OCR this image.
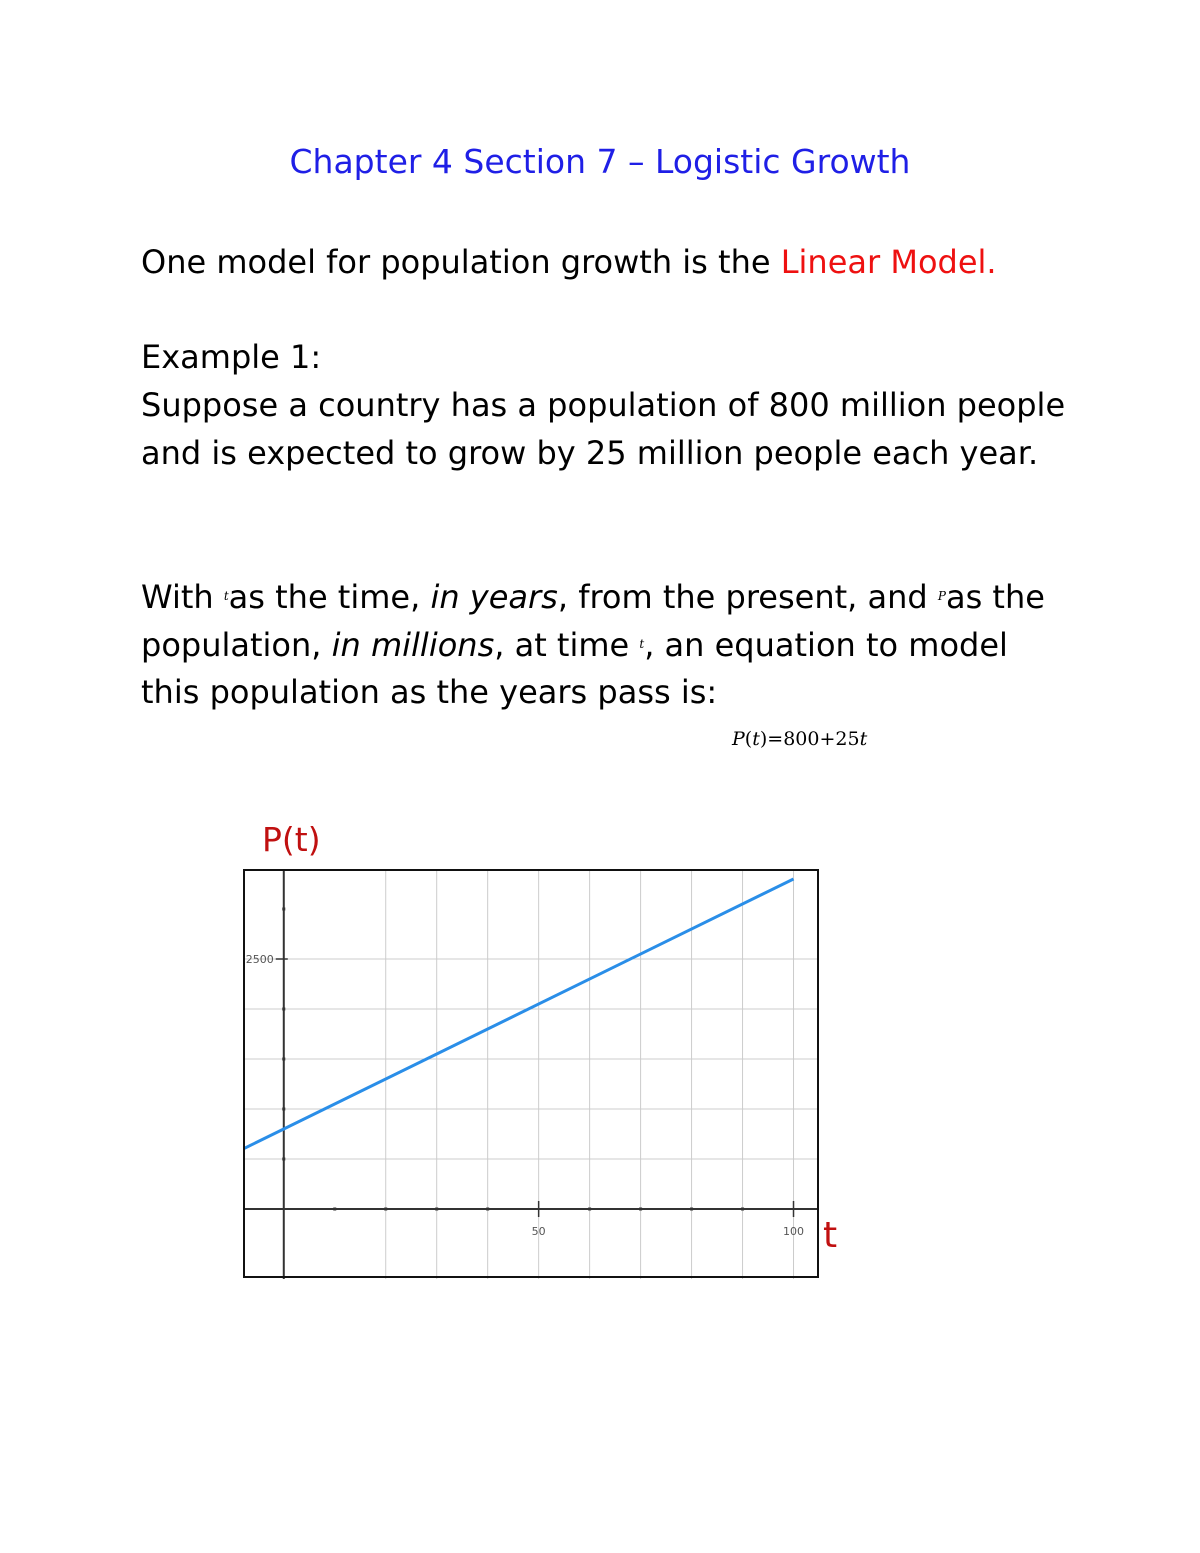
Chapter 4 Section 7 – Logistic Growth
One model for population growth is the Linear Model.
Example 1:
Suppose a country has a population of 800 million people
and is expected to grow by 25 million people each year.
With $^t$as the time, in years, from the present, and $^P$as the
population, in millions, at time $^t$, an equation to model
this population as the years pass is:
P(t)=800+25t
P(t)
50	100
2500
t
